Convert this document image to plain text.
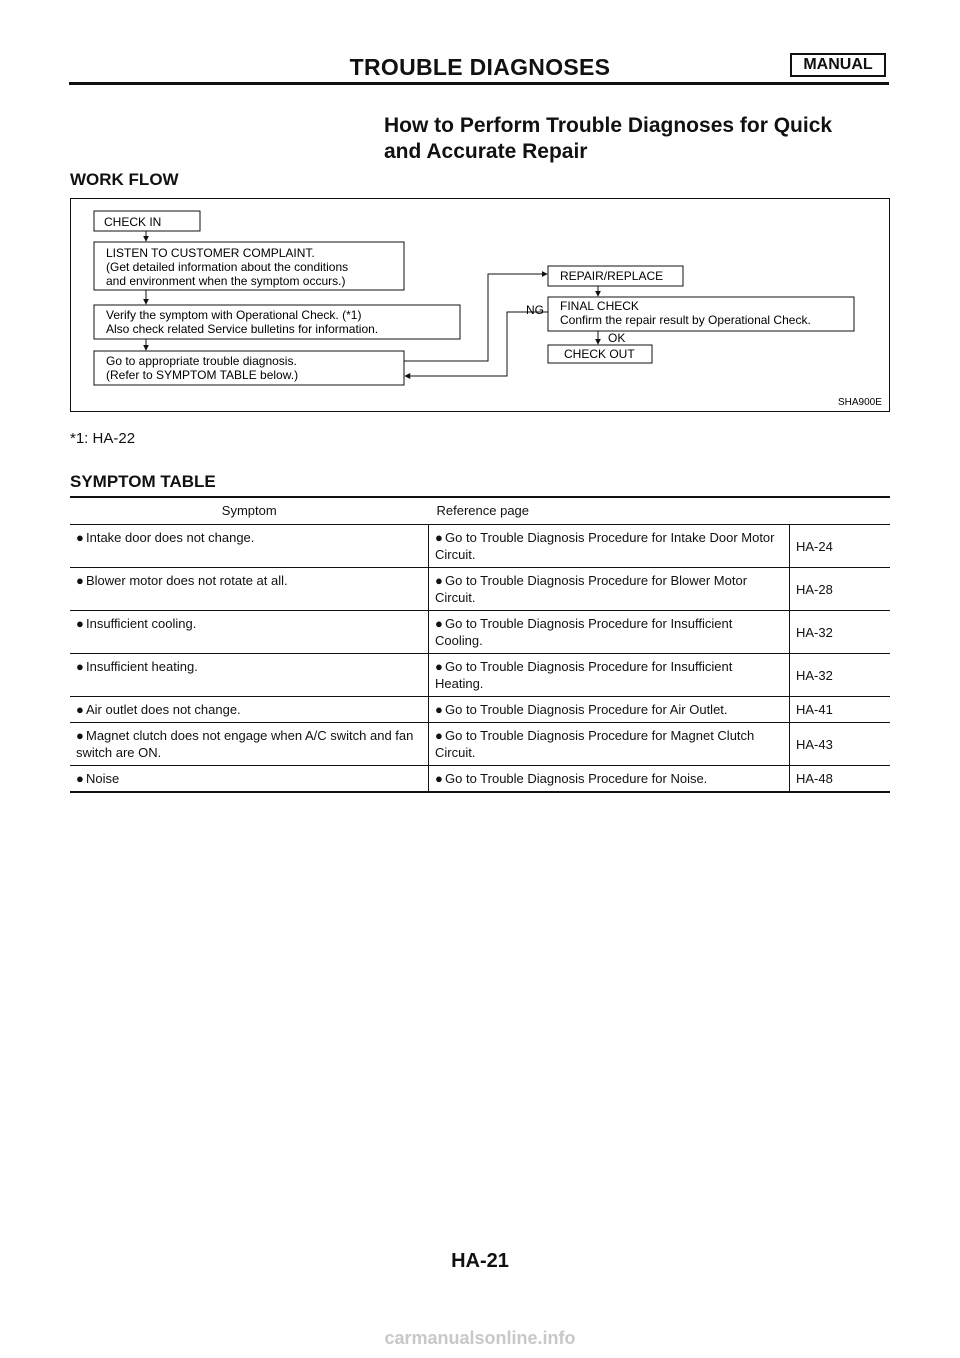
TROUBLE DIAGNOSES	MANUAL
How to Perform Trouble Diagnoses for Quick
and Accurate Repair
WORK FLOW
CHECK IN
LISTEN TO CUSTOMER COMPLAINT.
(Get detailed information about the conditions
and environment when the symptom occurs.)
Verify the symptom with Operational Check. (*1)
Also check related Service bulletins for information.
Go to appropriate trouble diagnosis.
(Refer to SYMPTOM TABLE below.)
REPAIR/REPLACE
FINAL CHECK
Confirm the repair result by Operational Check.
NG
OK
CHECK OUT
SHA900E
*1: HA-22
SYMPTOM TABLE
Symptom	Reference page	
● Intake door does not change.	● Go to Trouble Diagnosis Procedure for Intake Door Motor Circuit.	HA-24
● Blower motor does not rotate at all.	● Go to Trouble Diagnosis Procedure for Blower Motor Circuit.	HA-28
● Insufficient cooling.	● Go to Trouble Diagnosis Procedure for Insufficient Cooling.	HA-32
● Insufficient heating.	● Go to Trouble Diagnosis Procedure for Insufficient Heating.	HA-32
● Air outlet does not change.	● Go to Trouble Diagnosis Procedure for Air Outlet.	HA-41
● Magnet clutch does not engage when A/C switch and fan switch are ON.	● Go to Trouble Diagnosis Procedure for Magnet Clutch Circuit.	HA-43
● Noise	● Go to Trouble Diagnosis Procedure for Noise.	HA-48
HA-21
carmanualsonline.info
